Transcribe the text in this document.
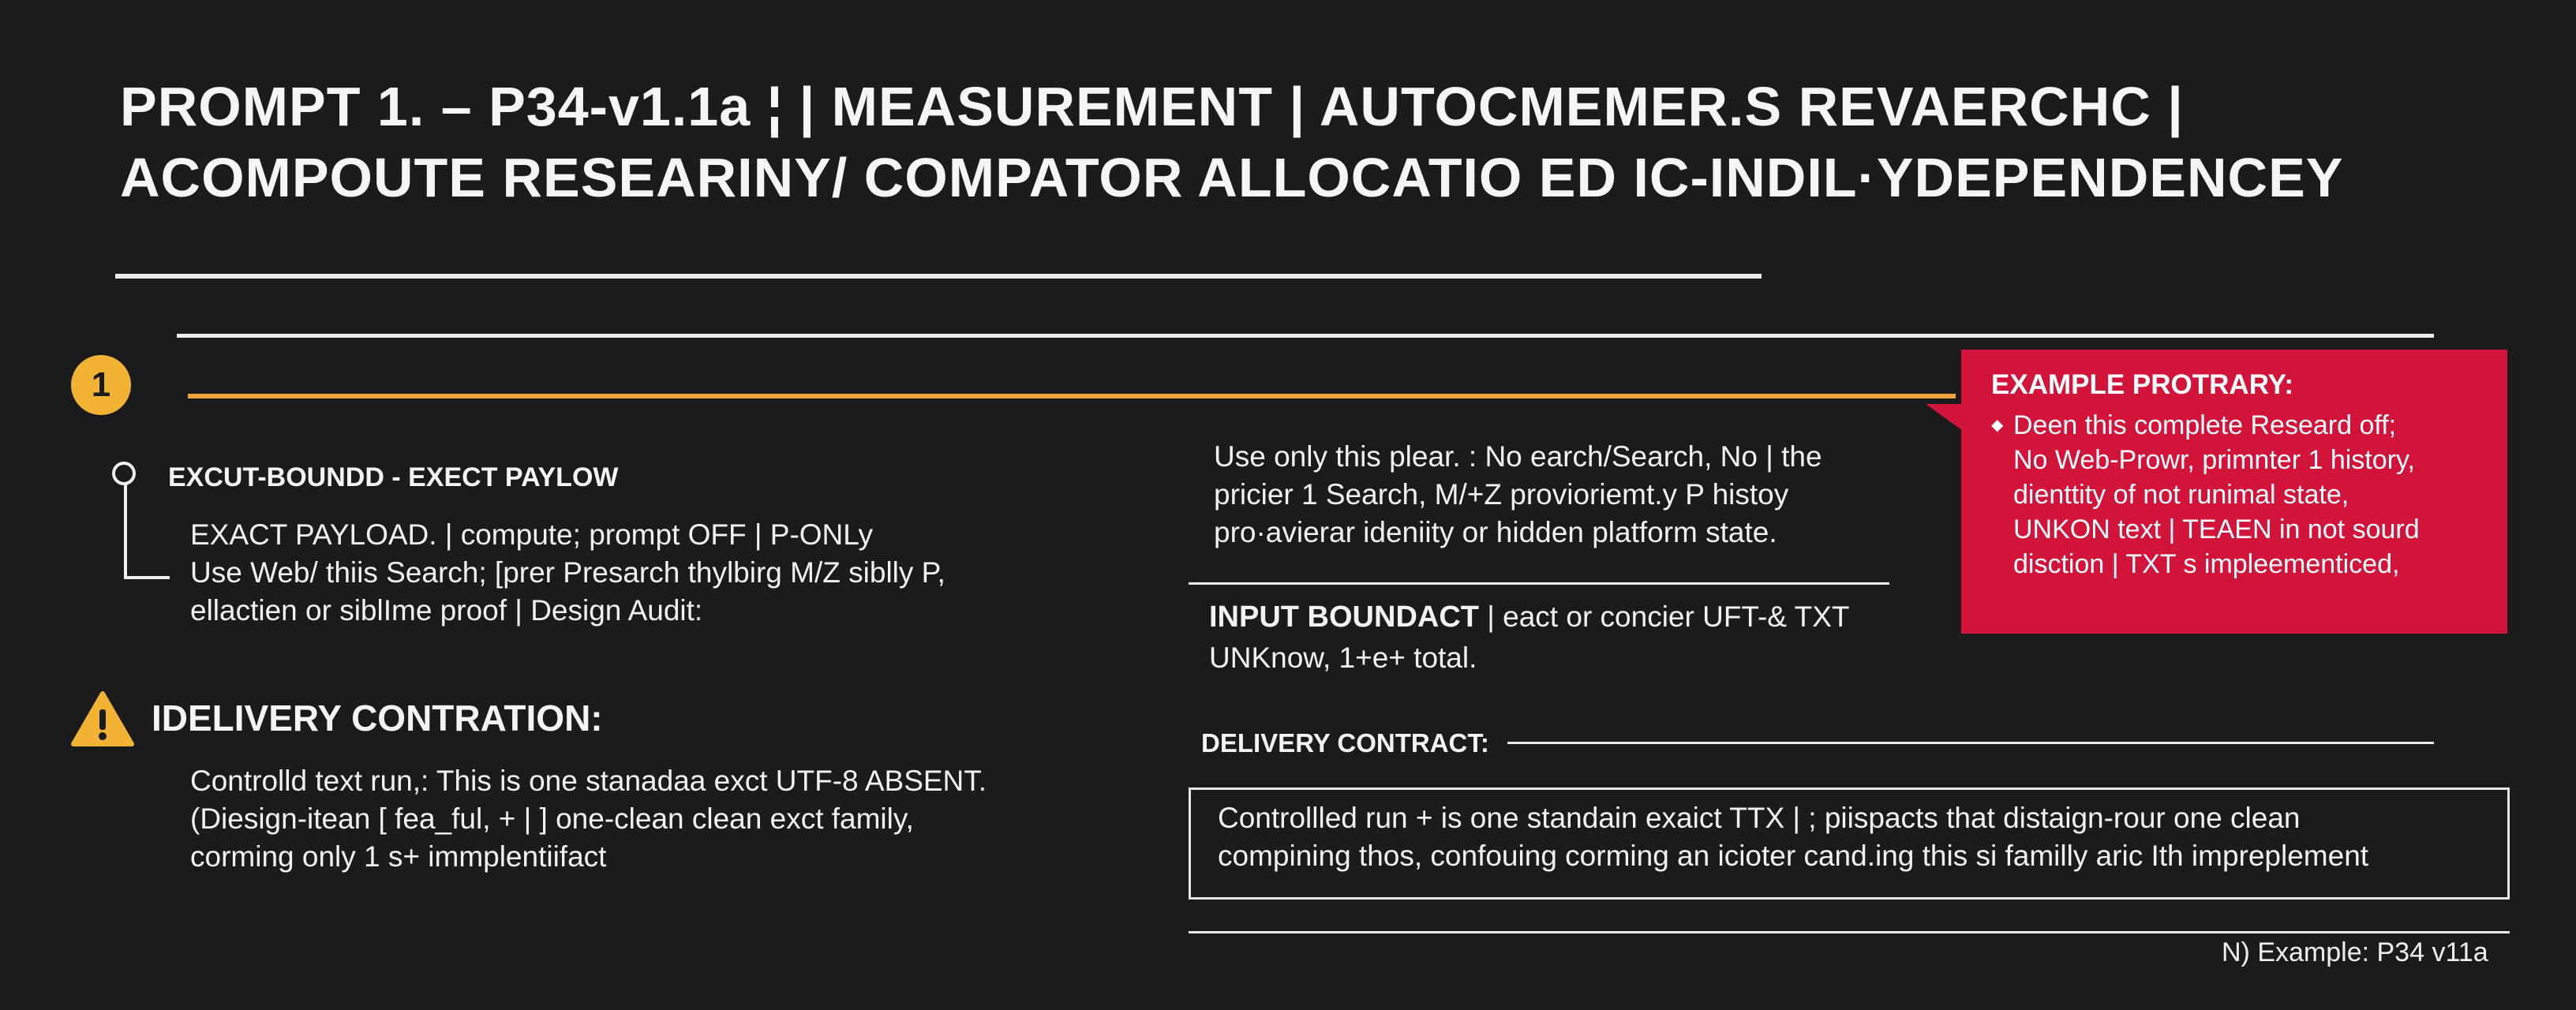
PROMPT 1. – P34-v1.1a ¦ | MEASUREMENT | AUTOCMEMER.S REVAERCHC |
ACOMPOUTE RESEARINY/ COMPATOR ALLOCATIO ED IC-INDIL·YDEPENDENCEY
1
EXCUT-BOUNDD - EXECT PAYLOW
EXACT PAYLOAD. | compute; prompt OFF | P-ONLy
Use Web/ thiis Search; [prer Presarch thylbirg M/Z siblly P,
ellactien or siblIme proof | Design Audit:
IDELIVERY CONTRATION:
Controlld text run,: This is one stanadaa exct UTF-8 ABSENT.
(Diesign-itean [ fea_ful, + | ] one-clean clean exct family,
corming only 1 s+ immplentiifact
Use only this plear. : No earch/Search, No | the
pricier 1 Search, M/+Z provioriemt.y P histoy
pro·avierar ideniity or hidden platform state.
INPUT BOUNDACT | eact or concier UFT-& TXT
UNKnow, 1+e+ total.
DELIVERY CONTRACT:
Controllled run + is one standain exaict TTX | ; piispacts that distaign-rour one clean
compining thos, confouing corming an icioter cand.ing this si familly aric Ith impreplement
N) Example: P34 v11a
EXAMPLE PROTRARY:
◆ Deen this complete Researd off;
No Web-Prowr, primnter 1 history,
dienttity of not runimal state,
UNKON text | TEAEN in not sourd
disction | TXT s impleementiced,
